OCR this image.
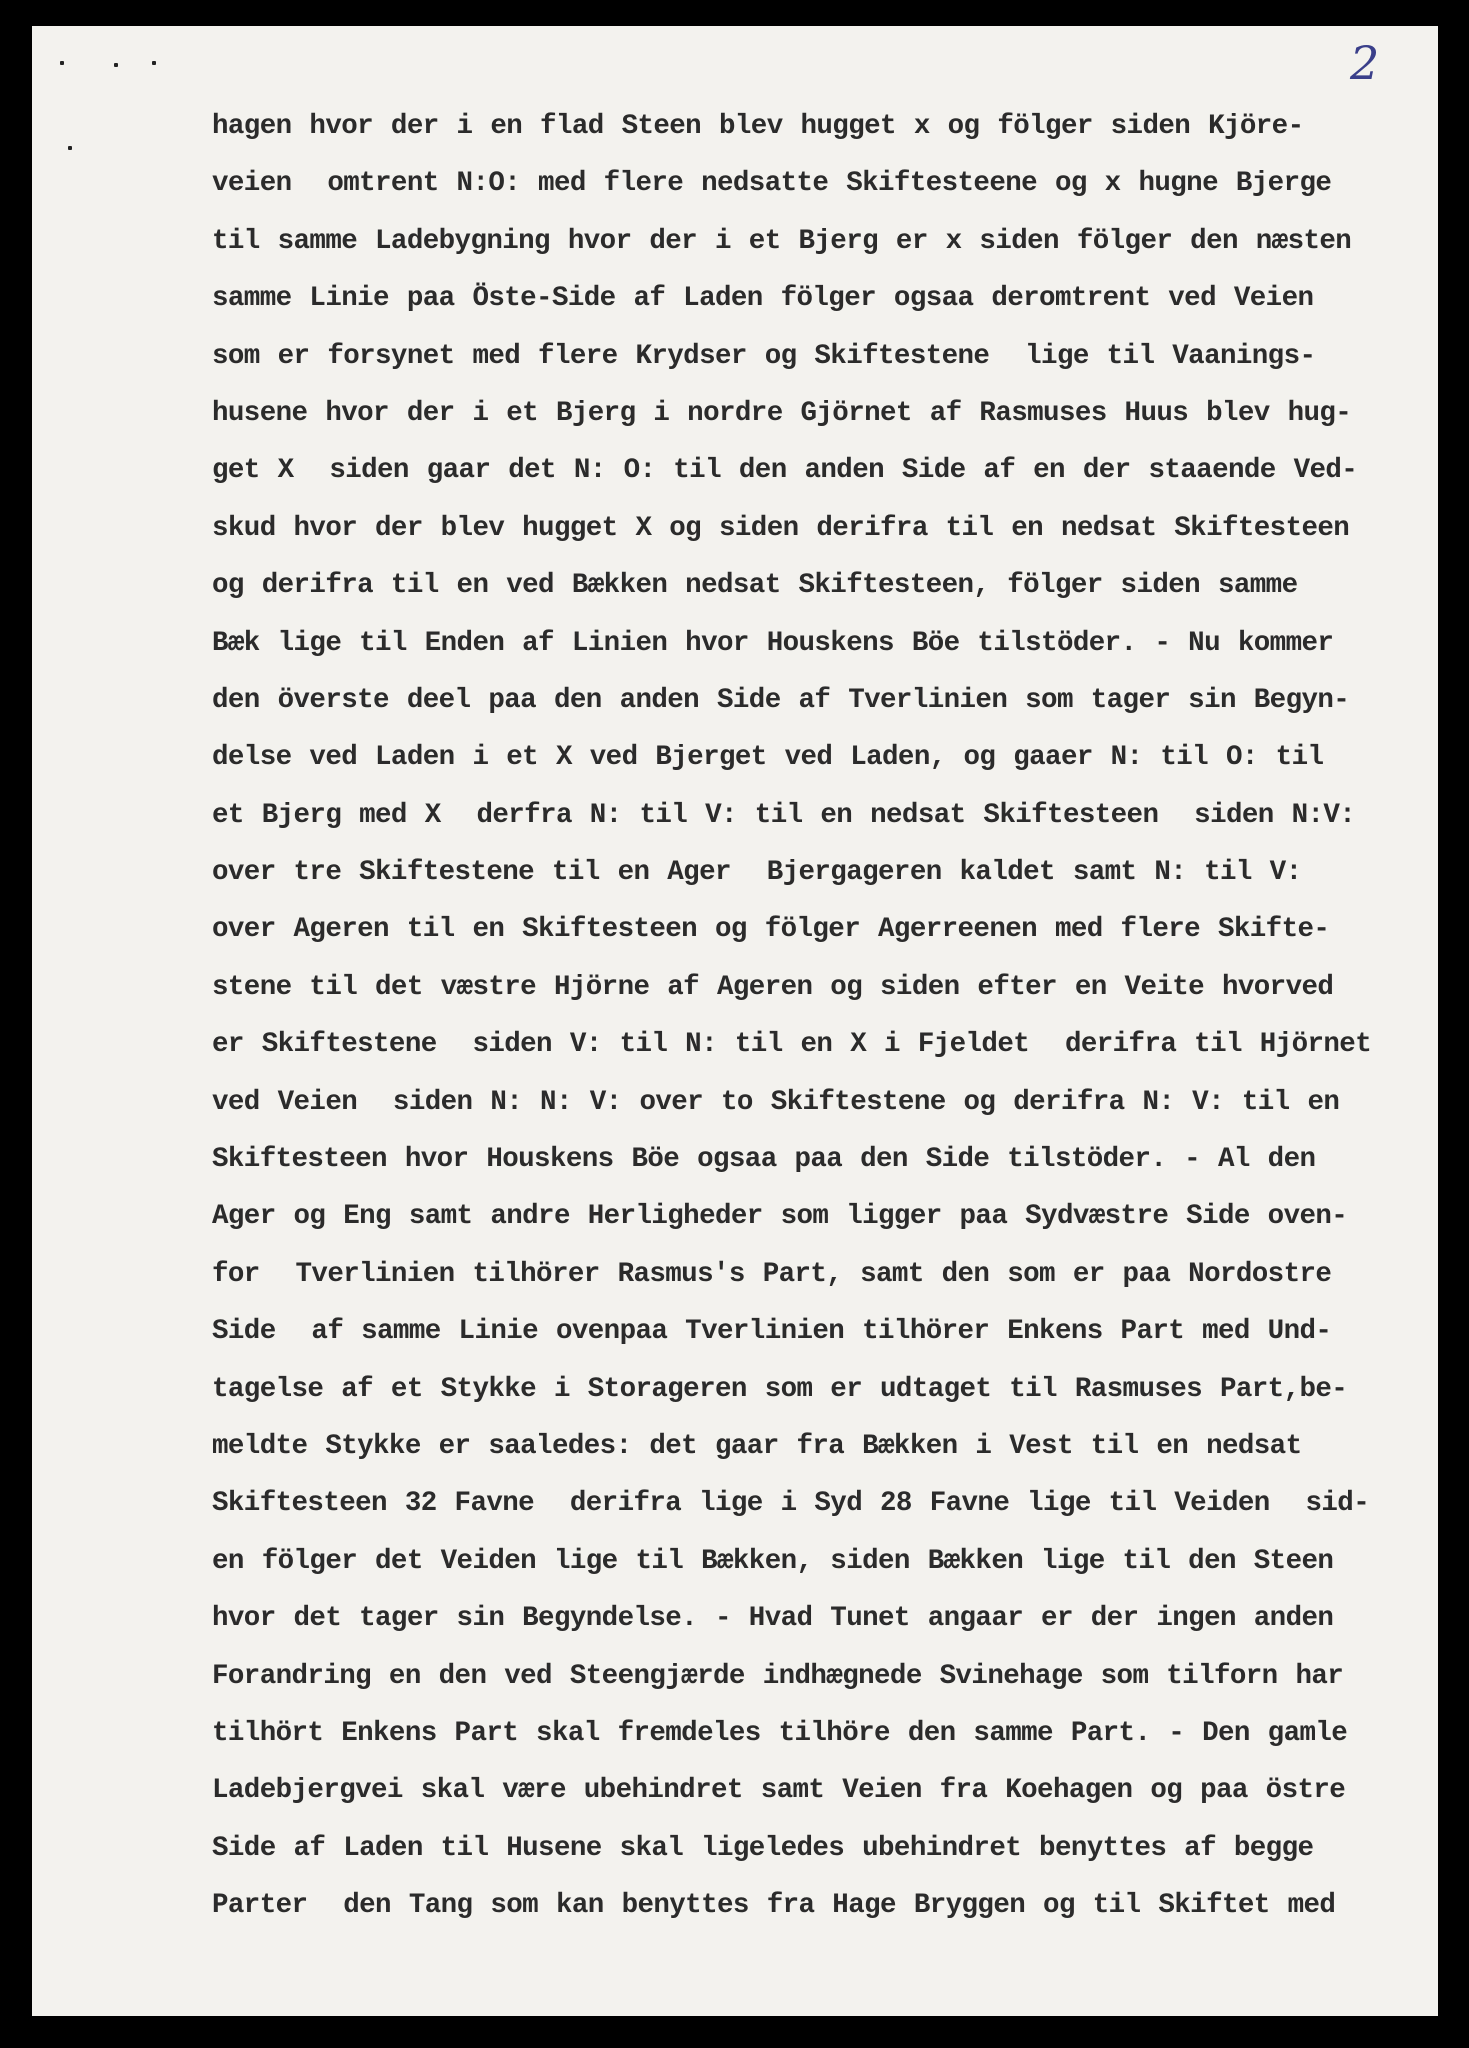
2
hagen hvor der i en flad Steen blev hugget x og fölger siden Kjöre-
veien  omtrent N:O: med flere nedsatte Skiftesteene og x hugne Bjerge
til samme Ladebygning hvor der i et Bjerg er x siden fölger den næsten
samme Linie paa Öste-Side af Laden fölger ogsaa deromtrent ved Veien
som er forsynet med flere Krydser og Skiftestene  lige til Vaanings-
husene hvor der i et Bjerg i nordre Gjörnet af Rasmuses Huus blev hug-
get X  siden gaar det N: O: til den anden Side af en der staaende Ved-
skud hvor der blev hugget X og siden derifra til en nedsat Skiftesteen
og derifra til en ved Bækken nedsat Skiftesteen, fölger siden samme
Bæk lige til Enden af Linien hvor Houskens Böe tilstöder. - Nu kommer
den överste deel paa den anden Side af Tverlinien som tager sin Begyn-
delse ved Laden i et X ved Bjerget ved Laden, og gaaer N: til O: til
et Bjerg med X  derfra N: til V: til en nedsat Skiftesteen  siden N:V:
over tre Skiftestene til en Ager  Bjergageren kaldet samt N: til V:
over Ageren til en Skiftesteen og fölger Agerreenen med flere Skifte-
stene til det væstre Hjörne af Ageren og siden efter en Veite hvorved
er Skiftestene  siden V: til N: til en X i Fjeldet  derifra til Hjörnet
ved Veien  siden N: N: V: over to Skiftestene og derifra N: V: til en
Skiftesteen hvor Houskens Böe ogsaa paa den Side tilstöder. - Al den
Ager og Eng samt andre Herligheder som ligger paa Sydvæstre Side oven-
for  Tverlinien tilhörer Rasmus's Part, samt den som er paa Nordostre
Side  af samme Linie ovenpaa Tverlinien tilhörer Enkens Part med Und-
tagelse af et Stykke i Storageren som er udtaget til Rasmuses Part,be-
meldte Stykke er saaledes: det gaar fra Bækken i Vest til en nedsat
Skiftesteen 32 Favne  derifra lige i Syd 28 Favne lige til Veiden  sid-
en fölger det Veiden lige til Bækken, siden Bækken lige til den Steen
hvor det tager sin Begyndelse. - Hvad Tunet angaar er der ingen anden
Forandring en den ved Steengjærde indhægnede Svinehage som tilforn har
tilhört Enkens Part skal fremdeles tilhöre den samme Part. - Den gamle
Ladebjergvei skal være ubehindret samt Veien fra Koehagen og paa östre
Side af Laden til Husene skal ligeledes ubehindret benyttes af begge
Parter  den Tang som kan benyttes fra Hage Bryggen og til Skiftet med
